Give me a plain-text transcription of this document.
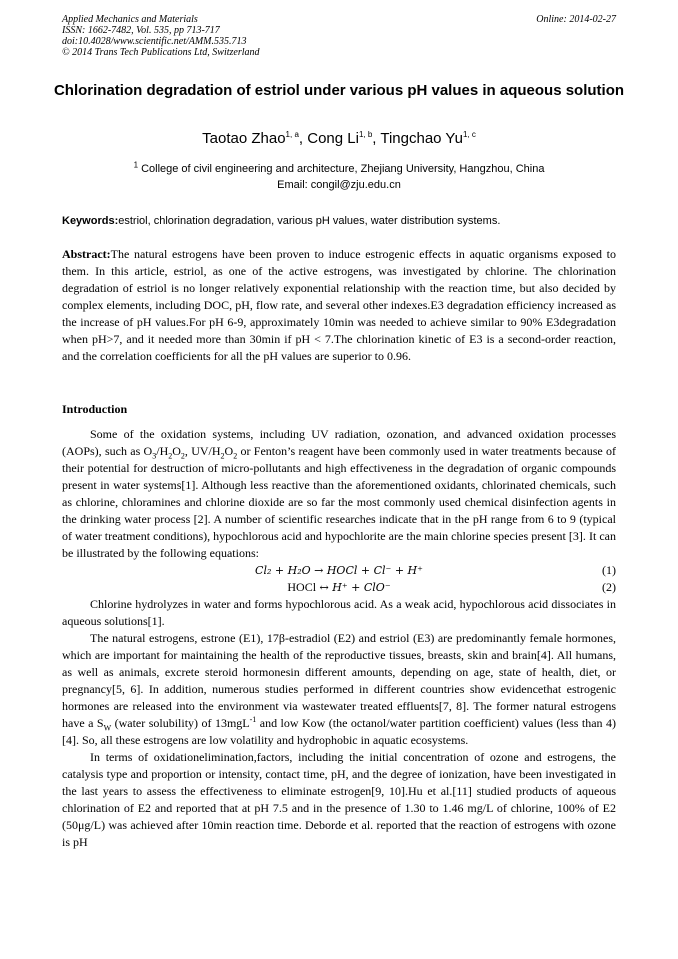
Applied Mechanics and Materials
ISSN: 1662-7482, Vol. 535, pp 713-717
doi:10.4028/www.scientific.net/AMM.535.713
© 2014 Trans Tech Publications Ltd, Switzerland
Online: 2014-02-27
Chlorination degradation of estriol under various pH values in aqueous solution
Taotao Zhao$^{1, a}$, Cong Li$^{1, b}$, Tingchao Yu$^{1, c}$
$^1$ College of civil engineering and architecture, Zhejiang University, Hangzhou, China
Email: congil@zju.edu.cn
Keywords:estriol, chlorination degradation, various pH values, water distribution systems.

Abstract:The natural estrogens have been proven to induce estrogenic effects in aquatic organisms exposed to them. In this article, estriol, as one of the active estrogens, was investigated by chlorine. The chlorination degradation of estriol is no longer relatively exponential relationship with the reaction time, but also decided by complex elements, including DOC, pH, flow rate, and several other indexes.E3 degradation efficiency increased as the increase of pH values.For pH 6-9, approximately 10min was needed to achieve similar to 90% E3degradation when pH>7, and it needed more than 30min if pH < 7.The chlorination kinetic of E3 is a second-order reaction, and the correlation coefficients for all the pH values are superior to 0.96.

Introduction

Some of the oxidation systems, including UV radiation, ozonation, and advanced oxidation processes (AOPs), such as $O_3/H_2O_2$, $UV/H_2O_2$ or Fenton’s reagent have been commonly used in water treatments because of their potential for destruction of micro-pollutants and high effectiveness in the degradation of organic compounds present in water systems[1]. Although less reactive than the aforementioned oxidants, chlorinated chemicals, such as chlorine, chloramines and chlorine dioxide are so far the most commonly used chemical disinfection agents in the drinking water process [2]. A number of scientific researches indicate that in the pH range from 6 to 9 (typical of water treatment conditions), hypochlorous acid and hypochlorite are the main chlorine species present [3]. It can be illustrated by the following equations:

Cl₂ + H₂O → HOCl + Cl⁻ + H⁺	(1)
HOCl ↔ H⁺ + ClO⁻	(2)

Chlorine hydrolyzes in water and forms hypochlorous acid. As a weak acid, hypochlorous acid dissociates in aqueous solutions[1].

The natural estrogens, estrone (E1), 17β-estradiol (E2) and estriol (E3) are predominantly female hormones, which are important for maintaining the health of the reproductive tissues, breasts, skin and brain[4]. All humans, as well as animals, excrete steroid hormonesin different amounts, depending on age, state of health, diet, or pregnancy[5, 6]. In addition, numerous studies performed in different countries show evidencethat estrogenic hormones are released into the environment via wastewater treated effluents[7, 8]. The former natural estrogens have a $S_W$ (water solubility) of 13mgL$^{-1}$ and low Kow (the octanol/water partition coefficient) values (less than 4)[4]. So, all these estrogens are low volatility and hydrophobic in aquatic ecosystems.

In terms of oxidationelimination,factors, including the initial concentration of ozone and estrogens, the catalysis type and proportion or intensity, contact time, pH, and the degree of ionization, have been investigated in the last years to assess the effectiveness to eliminate estrogen[9, 10].Hu et al.[11] studied products of aqueous chlorination of E2 and reported that at pH 7.5 and in the presence of 1.30 to 1.46 mg/L of chlorine, 100% of E2 (50μg/L) was achieved after 10min reaction time. Deborde et al. reported that the reaction of estrogens with ozone is pH
